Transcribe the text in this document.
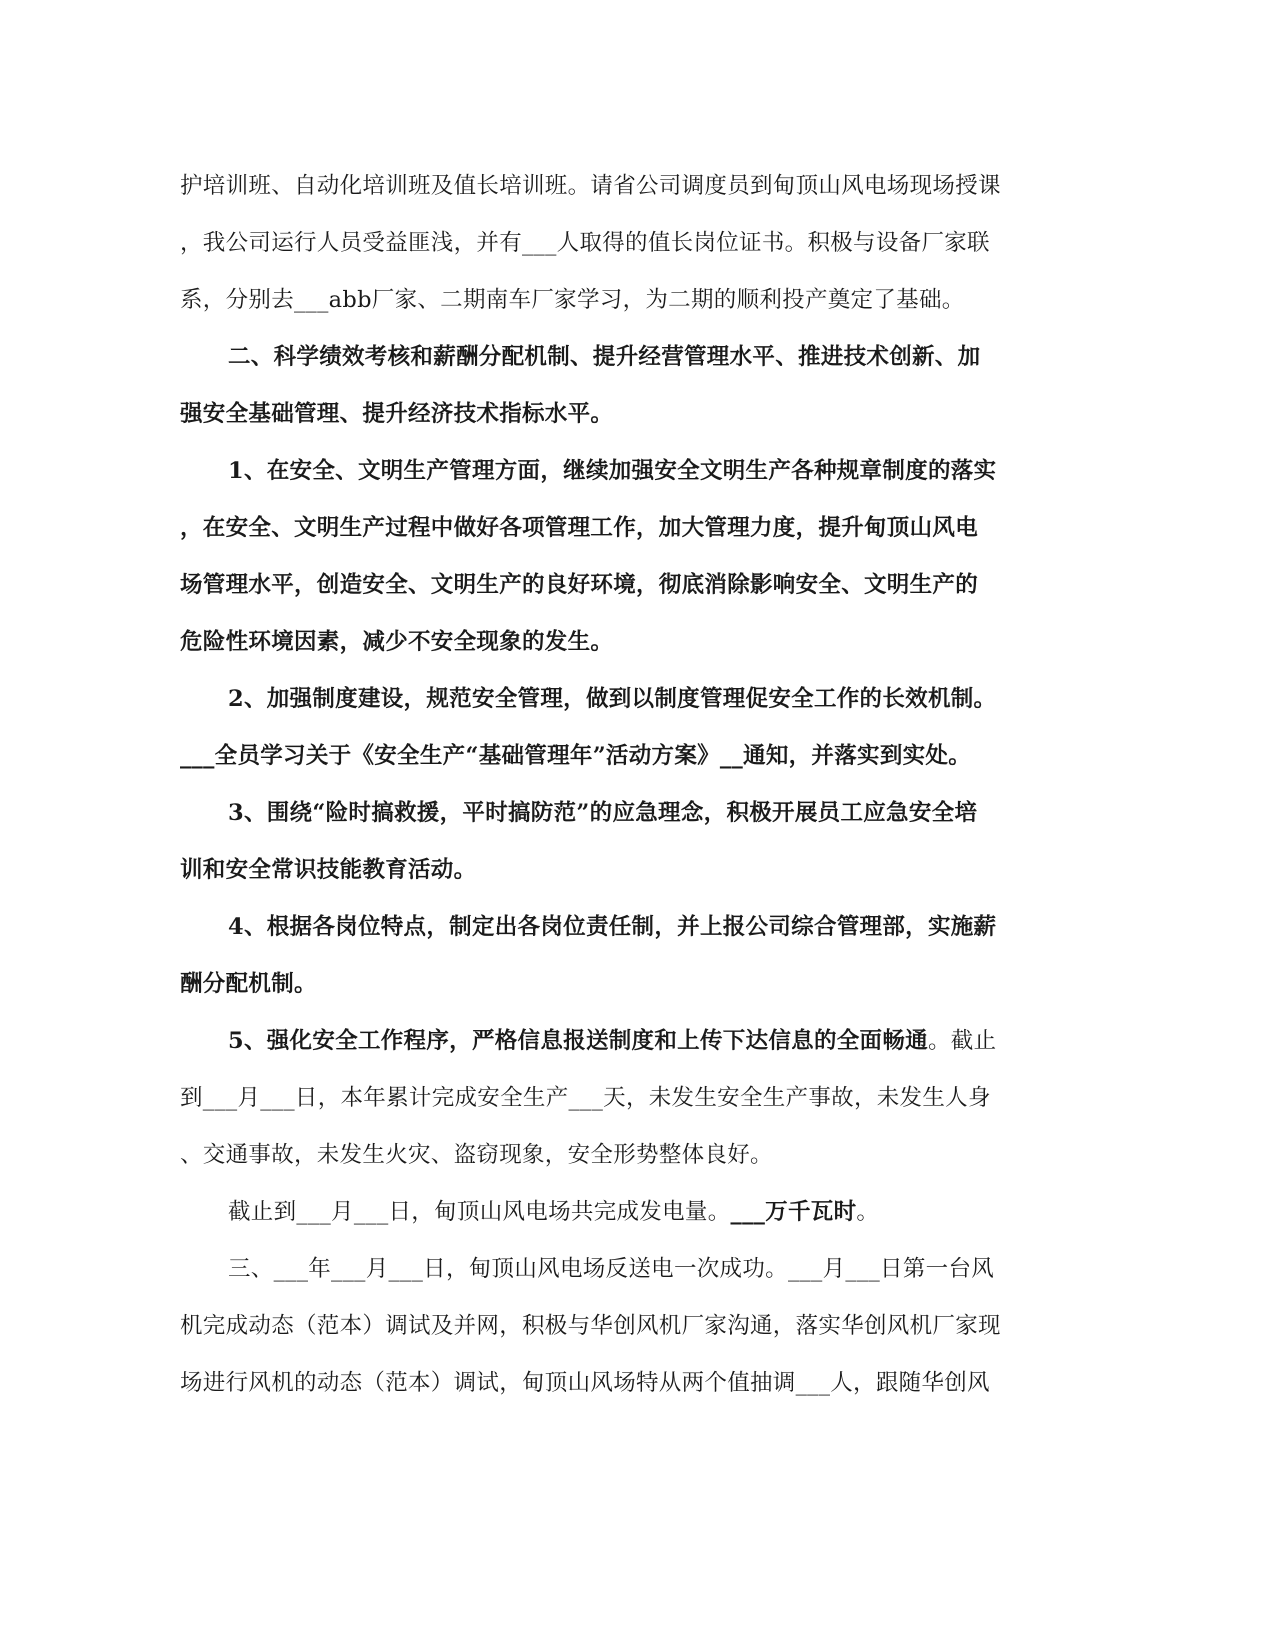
护培训班、自动化培训班及值长培训班。请省公司调度员到甸顶山风电场现场授课
，我公司运行人员受益匪浅，并有___人取得的值长岗位证书。积极与设备厂家联
系，分别去___abb厂家、二期南车厂家学习，为二期的顺利投产奠定了基础。
二、科学绩效考核和薪酬分配机制、提升经营管理水平、推进技术创新、加
强安全基础管理、提升经济技术指标水平。
1、在安全、文明生产管理方面，继续加强安全文明生产各种规章制度的落实
，在安全、文明生产过程中做好各项管理工作，加大管理力度，提升甸顶山风电
场管理水平，创造安全、文明生产的良好环境，彻底消除影响安全、文明生产的
危险性环境因素，减少不安全现象的发生。
2、加强制度建设，规范安全管理，做到以制度管理促安全工作的长效机制。
___全员学习关于《安全生产“基础管理年”活动方案》__通知，并落实到实处。
3、围绕“险时搞救援，平时搞防范”的应急理念，积极开展员工应急安全培
训和安全常识技能教育活动。
4、根据各岗位特点，制定出各岗位责任制，并上报公司综合管理部，实施薪
酬分配机制。
5、强化安全工作程序，严格信息报送制度和上传下达信息的全面畅通。截止
到___月___日，本年累计完成安全生产___天，未发生安全生产事故，未发生人身
、交通事故，未发生火灾、盗窃现象，安全形势整体良好。
截止到___月___日，甸顶山风电场共完成发电量。___万千瓦时。
三、___年___月___日，甸顶山风电场反送电一次成功。___月___日第一台风
机完成动态（范本）调试及并网，积极与华创风机厂家沟通，落实华创风机厂家现
场进行风机的动态（范本）调试，甸顶山风场特从两个值抽调___人，跟随华创风
